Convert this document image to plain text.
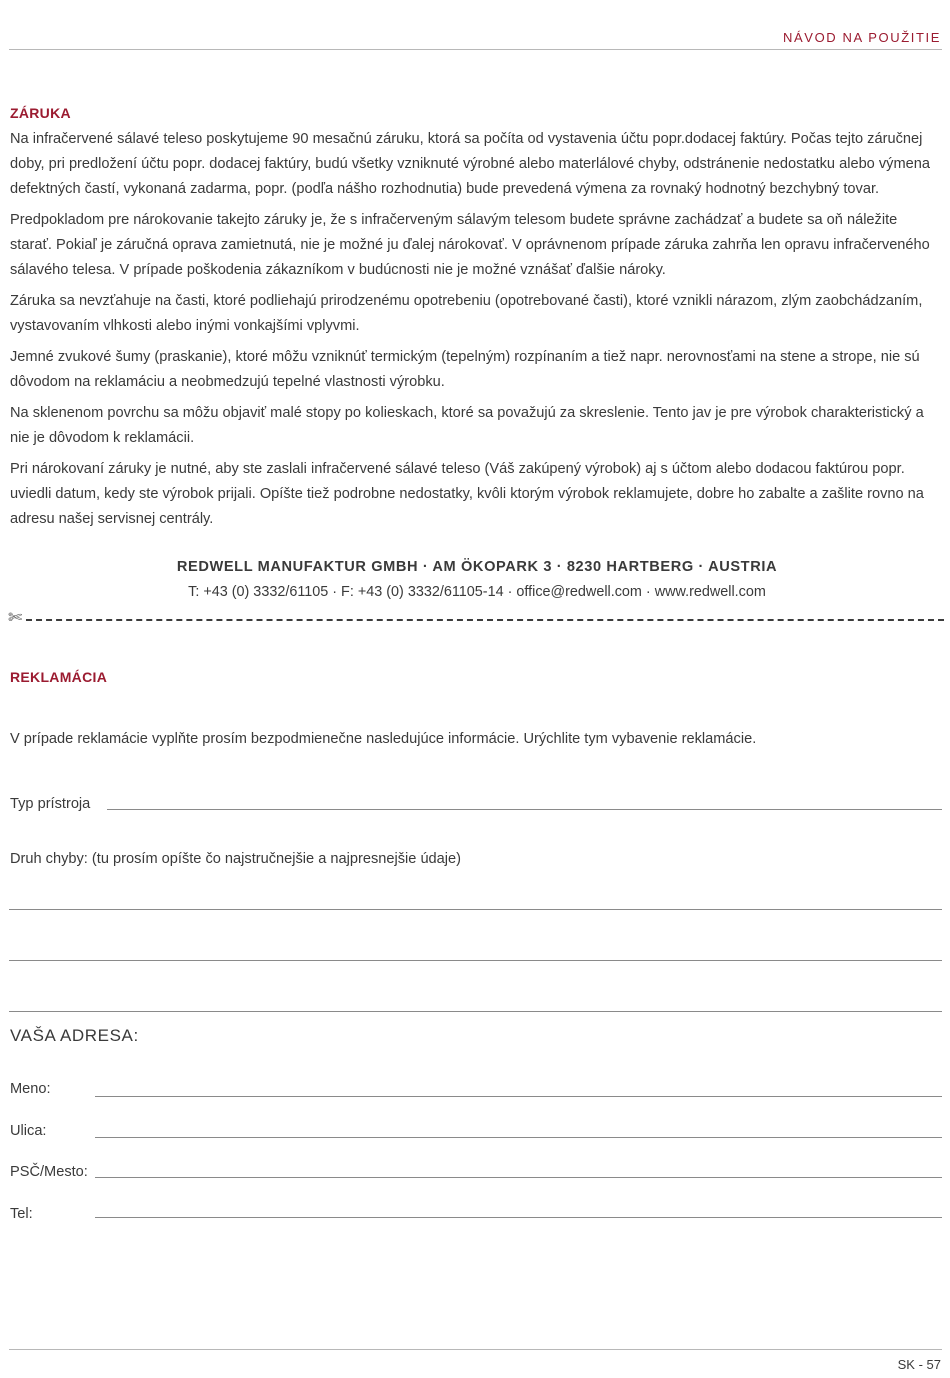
NÁVOD NA POUŽITIE
ZÁRUKA

Na infračervené sálavé teleso poskytujeme 90 mesačnú záruku, ktorá sa počíta od vystavenia účtu popr.dodacej faktúry. Počas tejto záručnej doby, pri predložení účtu popr. dodacej faktúry, budú všetky vzniknuté výrobné alebo materlálové chyby, odstránenie nedostatku alebo výmena defektných častí, vykonaná zadarma, popr. (podľa nášho rozhodnutia) bude prevedená výmena za rovnaký hodnotný bezchybný tovar.

Predpokladom pre nárokovanie takejto záruky je, že s infračerveným sálavým telesom budete správne zachádzať a budete sa oň náležite starať. Pokiaľ je záručná oprava zamietnutá, nie je možné ju ďalej nárokovať. V oprávnenom prípade záruka zahrňa len opravu infračerveného sálavého telesa. V prípade poškodenia zákazníkom v budúcnosti nie je možné vznášať ďalšie nároky.

Záruka sa nevzťahuje na časti, ktoré podliehajú prirodzenému opotrebeniu (opotrebované časti), ktoré vznikli nárazom, zlým zaobchádzaním, vystavovaním vlhkosti alebo inými vonkajšími vplyvmi.

Jemné zvukové šumy (praskanie), ktoré môžu vzniknúť termickým (tepelným) rozpínaním a tiež napr. nerovnosťami na stene a strope, nie sú dôvodom na reklamáciu a neobmedzujú tepelné vlastnosti výrobku.

Na sklenenom povrchu sa môžu objaviť malé stopy po kolieskach, ktoré sa považujú za skreslenie. Tento jav je pre výrobok charakteristický a nie je dôvodom k reklamácii.

Pri nárokovaní záruky je nutné, aby ste zaslali infračervené sálavé teleso (Váš zakúpený výrobok) aj s účtom alebo dodacou faktúrou popr. uviedli datum, kedy ste výrobok prijali. Opíšte tiež podrobne nedostatky, kvôli ktorým výrobok reklamujete, dobre ho zabalte a zašlite rovno na adresu našej servisnej centrály.

REDWELL MANUFAKTUR GMBH · AM ÖKOPARK 3 · 8230 HARTBERG · AUSTRIA
T: +43 (0) 3332/61105 · F: +43 (0) 3332/61105-14 · office@redwell.com · www.redwell.com
✄
REKLAMÁCIA
V prípade reklamácie vyplňte prosím bezpodmienečne nasledujúce informácie. Urýchlite tym vybavenie reklamácie.
Typ prístroja
Druh chyby: (tu prosím opíšte čo najstručnejšie a najpresnejšie údaje)
VAŠA ADRESA:
Meno:
Ulica:
PSČ/Mesto:
Tel:
SK - 57
